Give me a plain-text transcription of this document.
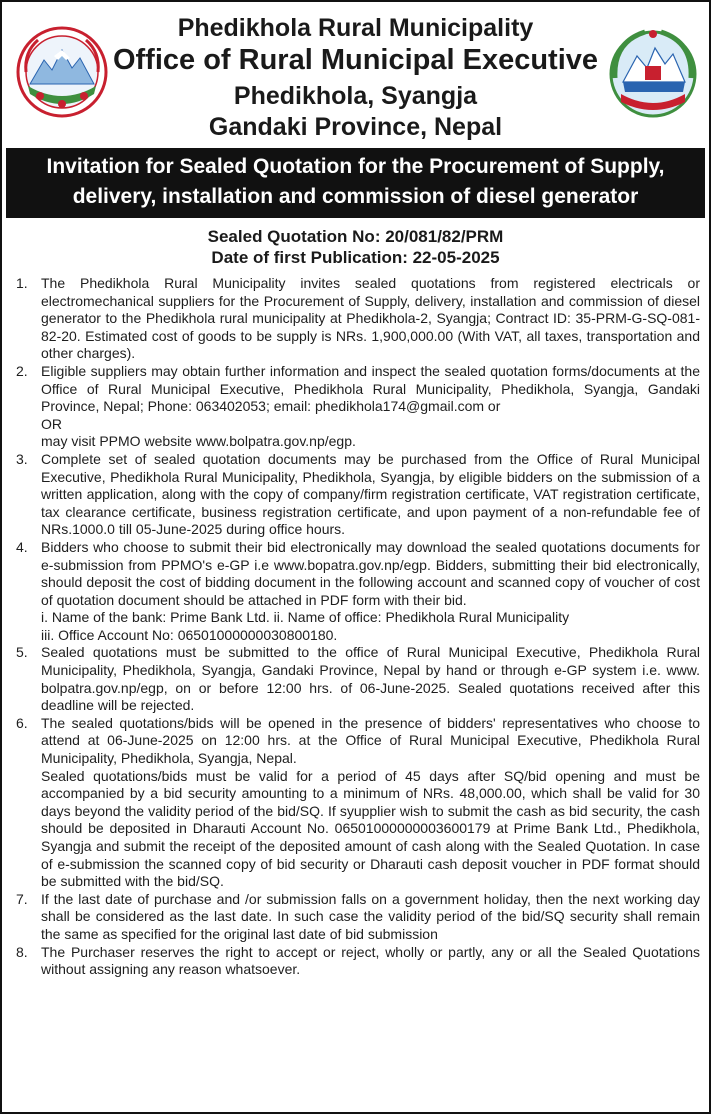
Phedikhola Rural Municipality
Office of Rural Municipal Executive
Phedikhola, Syangja
Gandaki Province, Nepal
Invitation for Sealed Quotation for the Procurement of Supply,
delivery, installation and commission of diesel generator
Sealed Quotation No: 20/081/82/PRM
Date of first Publication: 22-05-2025
1. The Phedikhola Rural Municipality invites sealed quotations from registered electricals or electromechanical suppliers for the Procurement of Supply, delivery, installation and commission of diesel generator to the Phedikhola rural municipality at Phedikhola-2, Syangja; Contract ID: 35-PRM-G-SQ-081-82-20. Estimated cost of goods to be supply is NRs. 1,900,000.00 (With VAT, all taxes, transportation and other charges).

2. Eligible suppliers may obtain further information and inspect the sealed quotation forms/documents at the Office of Rural Municipal Executive, Phedikhola Rural Municipality, Phedikhola, Syangja, Gandaki Province, Nepal; Phone: 063402053; email: phedikhola174@gmail.com or

OR

may visit PPMO website www.bolpatra.gov.np/egp.

3. Complete set of sealed quotation documents may be purchased from the Office of Rural Municipal Executive, Phedikhola Rural Municipality, Phedikhola, Syangja, by eligible bidders on the submission of a written application, along with the copy of company/firm registration certificate, VAT registration certificate, tax clearance certificate, business registration certificate, and upon payment of a non-refundable fee of NRs.1000.0 till 05-June-2025 during office hours.

4. Bidders who choose to submit their bid electronically may download the sealed quotations documents for e-submission from PPMO's e-GP i.e www.bopatra.gov.np/egp. Bidders, submitting their bid electronically, should deposit the cost of bidding document in the following account and scanned copy of voucher of cost of quotation document should be attached in PDF form with their bid.

i. Name of the bank: Prime Bank Ltd. ii. Name of office: Phedikhola Rural Municipality

iii. Office Account No: 06501000000030800180.

5. Sealed quotations must be submitted to the office of Rural Municipal Executive, Phedikhola Rural Municipality, Phedikhola, Syangja, Gandaki Province, Nepal by hand or through e-GP system i.e. www. bolpatra.gov.np/egp, on or before 12:00 hrs. of 06-June-2025. Sealed quotations received after this deadline will be rejected.

6. The sealed quotations/bids will be opened in the presence of bidders' representatives who choose to attend at 06-June-2025 on 12:00 hrs. at the Office of Rural Municipal Executive, Phedikhola Rural Municipality, Phedikhola, Syangja, Nepal.

Sealed quotations/bids must be valid for a period of 45 days after SQ/bid opening and must be accompanied by a bid security amounting to a minimum of NRs. 48,000.00, which shall be valid for 30 days beyond the validity period of the bid/SQ. If syupplier wish to submit the cash as bid security, the cash should be deposited in Dharauti Account No. 06501000000003600179 at Prime Bank Ltd., Phedikhola, Syangja and submit the receipt of the deposited amount of cash along with the Sealed Quotation. In case of e-submission the scanned copy of bid security or Dharauti cash deposit voucher in PDF format should be submitted with the bid/SQ.

7. If the last date of purchase and /or submission falls on a government holiday, then the next working day shall be considered as the last date. In such case the validity period of the bid/SQ security shall remain the same as specified for the original last date of bid submission

8. The Purchaser reserves the right to accept or reject, wholly or partly, any or all the Sealed Quotations without assigning any reason whatsoever.
